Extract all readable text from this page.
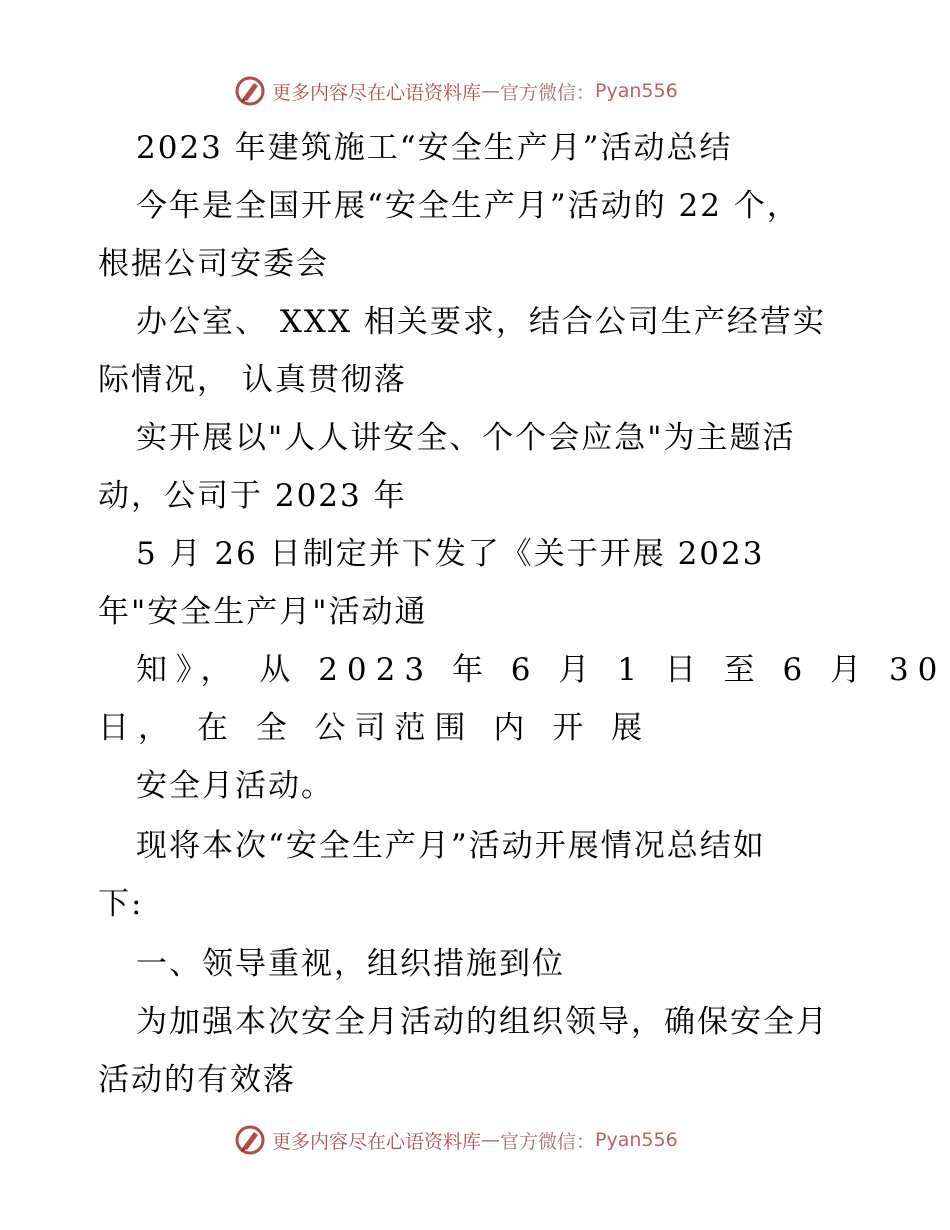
更多内容尽在心语资料库 — 官方微信： Pyan556
2023 年建筑施工“安全生产月”活动总结
今年是全国开展“安全生产月”活动的 22 个，
根据公司安委会
办公室、 XXX 相关要求，结合公司生产经营实
际情况， 认真贯彻落
实开展以"人人讲安全、个个会应急"为主题活
动，公司于 2023 年
5 月 26 日制定并下发了《关于开展 2023
年"安全生产月"活动通
知》， 从 2023 年 6 月 1 日 至 6 月 30
日， 在 全 公司范围 内 开 展
安全月活动。
现将本次“安全生产月”活动开展情况总结如
下:
一、领导重视，组织措施到位
为加强本次安全月活动的组织领导，确保安全月
活动的有效落
更多内容尽在心语资料库 — 官方微信： Pyan556
